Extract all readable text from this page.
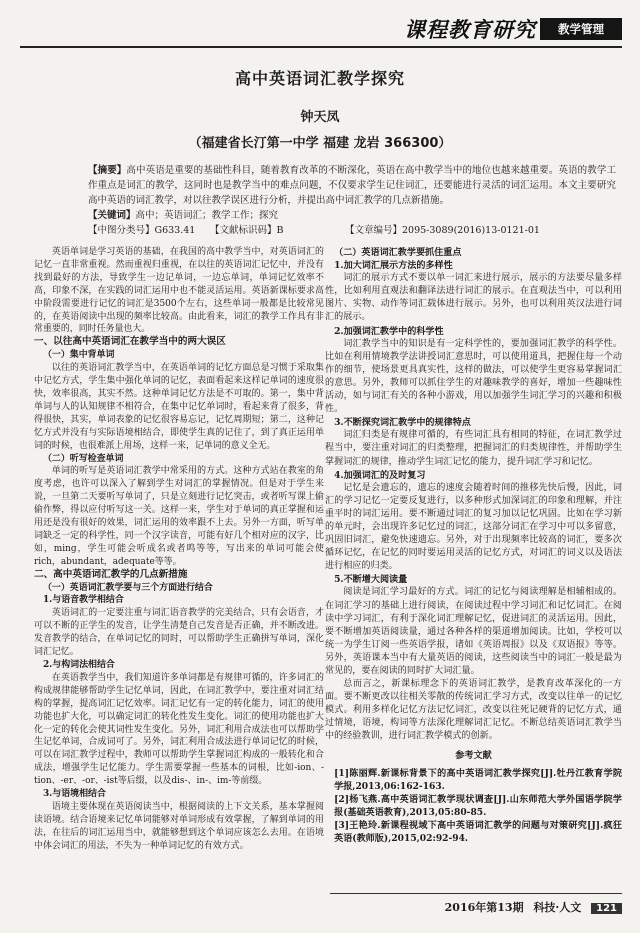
课程教育研究	教学管理
高中英语词汇教学探究
钟天凤
（福建省长汀第一中学 福建 龙岩 366300）
【摘要】高中英语是重要的基础性科目，随着教育改革的不断深化，英语在高中教学当中的地位也越来越重要。英语的教学工作重点是词汇的教学，这同时也是教学当中的难点问题，不仅要求学生记住词汇，还要能进行灵活的词汇运用。本文主要研究高中英语的词汇教学，对以往教学误区进行分析，并提出高中词汇教学的几点新措施。
【关键词】高中；英语词汇；教学工作；探究
【中图分类号】G633.41 【文献标识码】B	【文章编号】2095-3089(2016)13-0121-01

英语单词是学习英语的基础，在我国的高中教学当中，对英语词汇的记忆一直非常重视。然而重视归重视，在以往的英语词汇记忆中，并没有找到最好的方法，导致学生一边记单词，一边忘单词，单词记忆效率不高，印象不深，在实践的词汇运用中也不能灵活运用。英语新课标要求高中阶段需要进行记忆的词汇是3500个左右，这些单词一般都是比较常见的，在英语阅读中出现的频率比较高。由此看来，词汇的教学工作具有非常重要的，同时任务量也大。

一、以往高中英语词汇在教学当中的两大误区

（一）集中背单词

以往的英语词汇教学当中，在英语单词的记忆方面总是习惯于采取集中记忆方式，学生集中强化单词的记忆，表面看起来这样记单词的速度很快，效率很高，其实不然。这种单词记忆方法是不可取的。第一，集中背单词与人的认知规律不相符合，在集中记忆单词时，看起来背了很多，背得很快，其实，单词表象的记忆很容易忘记，记忆周期短；第二，这种记忆方式并没有与实际语境相结合，即使学生真的记住了，到了真正运用单词的时候，也很难派上用场，这样一来，记单词的意义全无。

（二）听写检查单词

单词的听写是英语词汇教学中常采用的方式。这种方式站在教室的角度考虑，也许可以深入了解到学生对词汇的掌握情况。但是对于学生来说，一旦第二天要听写单词了，只是立刻进行记忆突击，或者听写课上偷偷作弊，得以应付听写这一关。这样一来，学生对于单词的真正掌握和运用还是没有很好的效果，词汇运用的效率跟不上去。另外一方面，听写单词缺乏一定的科学性，同一个汉字读音，可能有好几个相对应的汉字，比如，ming，学生可能会听成名或者鸣等等，写出来的单词可能会使rich，abundant，adequate等等。

二、高中英语词汇教学的几点新措施

（一）英语词汇教学要与三个方面进行结合

1.与语音教学相结合

英语词汇的一定要注重与词汇语音教学的完美结合，只有会语音，才可以不断的正学生的发音，让学生清楚自己发音是否正确，并不断改进。发音教学的结合，在单词记忆的同时，可以帮助学生正确拼写单词，深化词汇记忆。

2.与构词法相结合

在英语教学当中，我们知道许多单词都是有规律可循的，许多词汇的构成规律能够帮助学生记忆单词，因此，在词汇教学中，要注重对词汇结构的掌握，提高词汇记忆效率。词汇记忆有一定的转化能力，词汇的使用功能也扩大化，可以确定词汇的转化性发生变化。词汇的使用功能也扩大化一定的转化会使其词性发生变化。另外，词汇利用合成法也可以帮助学生记忆单词，合成词可了。另外，词汇利用合成法进行单词记忆的时候，可以在词汇教学过程中，教师可以帮助学生掌握词汇构成的一般转化和合成法，增强学生记忆能力。学生需要掌握一些基本的词根，比如-ion、-tion、-er、-or、-ist等后缀，以及dis-、in-、im-等前缀。

3.与语境相结合

语境主要体现在英语阅读当中，根据阅读的上下文关系，基本掌握阅读语境。结合语境来记忆单词能够对单词形成有效掌握，了解到单词的用法，在往后的词汇运用当中，就能够想到这个单词应该怎么去用。在语境中体会词汇的用法，不失为一种单词记忆的有效方式。

（二）英语词汇教学要抓住重点

1.加大词汇展示方法的多样性

词汇的展示方式不要以单一词汇来进行展示，展示的方法要尽量多样性，比如利用直观法和翻译法进行词汇的展示。在直观法当中，可以利用图片、实物、动作等词汇载体进行展示。另外，也可以利用英汉法进行词汇的展示。

2.加强词汇教学中的科学性

词汇教学当中的知识是有一定科学性的，要加强词汇教学的科学性。比如在利用情境教学法讲授词汇意思时，可以使用道具，把握住每一个动作的细节，使场景更具真实性，这样的做法，可以使学生更容易掌握词汇的意思。另外，教师可以抓住学生的对趣味教学的喜好，增加一些趣味性活动，如与词汇有关的各种小游戏，用以加强学生词汇学习的兴趣和积极性。

3.不断探究词汇教学中的规律特点

词汇归类是有规律可循的，有些词汇具有相同的特征，在词汇教学过程当中，要注重对词汇的归类整理，把握词汇的归类规律性，并帮助学生掌握词汇的规律，推动学生词汇记忆的能力，提升词汇学习和记忆。

4.加强词汇的及时复习

记忆是会遗忘的，遗忘的速度会随着时间的推移先快后慢，因此，词汇的学习记忆一定要反复进行，以多种形式加深词汇的印象和理解，并注重平时的词汇运用。要不断通过词汇的复习加以记忆巩固。比如在学习新的单元时，会出现许多记忆过的词汇，这部分词汇在学习中可以多留意，巩固旧词汇，避免快速遗忘。另外，对于出现频率比较高的词汇，要多次循环记忆，在记忆的同时要运用灵活的记忆方式，对词汇的词义以及语法进行相应的归类。

5.不断增大阅读量

阅读是词汇学习最好的方式。词汇的记忆与阅读理解是相辅相成的。在词汇学习的基础上进行阅读，在阅读过程中学习词汇和记忆词汇。在阅读中学习词汇，有利于深化词汇理解记忆，促进词汇的灵活运用。因此，要不断增加英语阅读量，通过各种各样的渠道增加阅读。比如，学校可以统一为学生订阅一些英语学报，诸如《英语周报》以及《双语报》等等。另外，英语课本当中有大量英语的阅读，这些阅读当中的词汇一般是最为常见的，要在阅读的同时扩大词汇量。

总而言之，新课标理念下的英语词汇教学，是教育改革深化的一方面。要不断更改以往相关零散的传统词汇学习方式，改变以往单一的记忆模式。利用多样化记忆方法记忆词汇，改变以往死记硬背的记忆方式，通过情境，语境，构词等方法深化理解词汇记忆。不断总结英语词汇教学当中的经验教训，进行词汇教学模式的创新。

参考文献

[1]陈丽辉.新课标背景下的高中英语词汇教学探究[J].牡丹江教育学院学报,2013,06:162-163.

[2]杨飞燕.高中英语词汇教学现状调查[J].山东师范大学外国语学院学报(基础英语教育),2013,05:80-85.

[3]王艳玲.新课程视域下高中英语词汇教学的问题与对策研究[J].疯狂英语(教师版),2015,02:92-94.

2016年第13期 科技·人文 121
